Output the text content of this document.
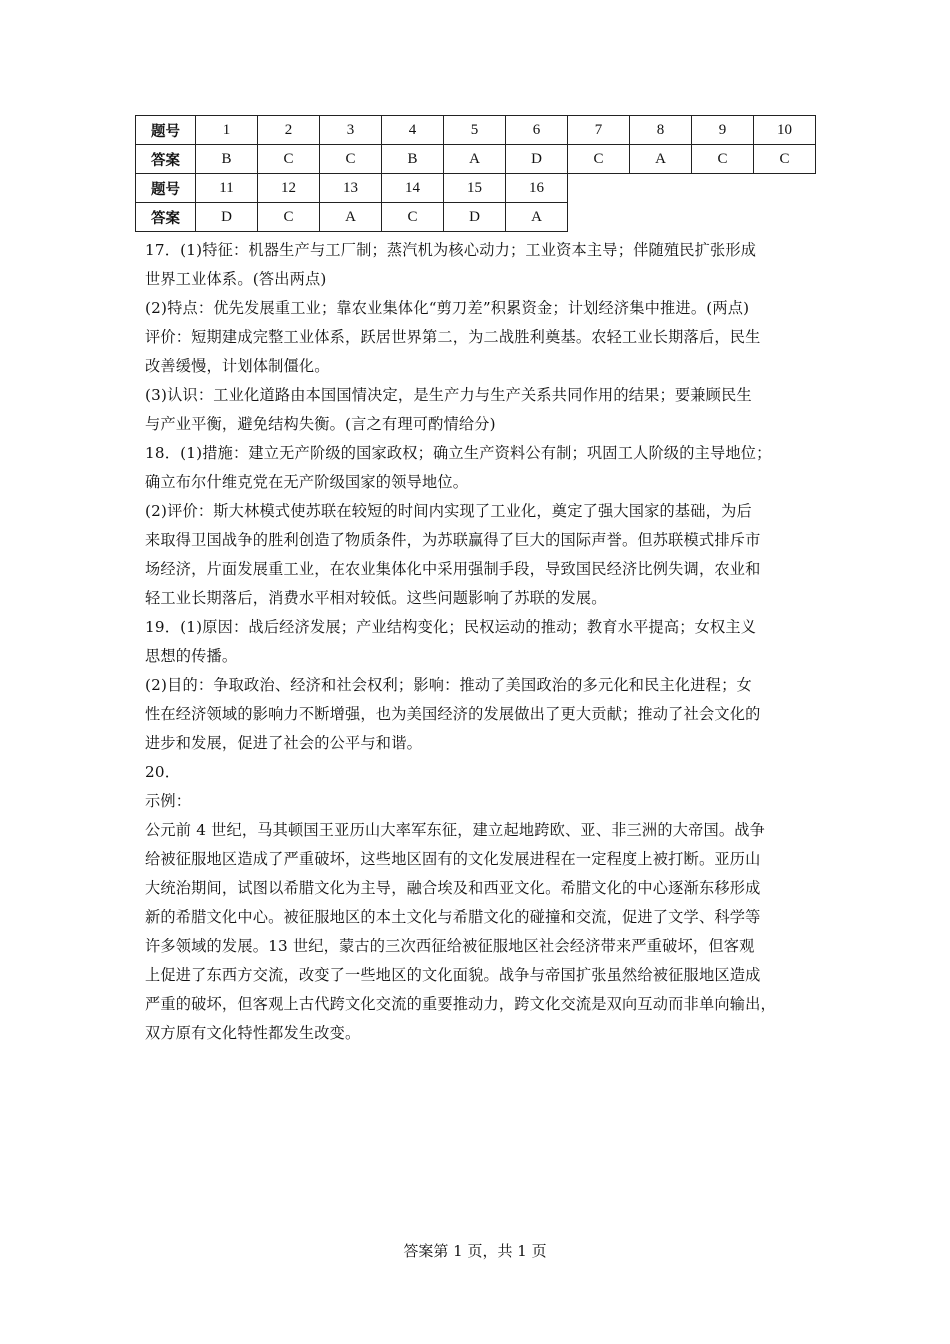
题号	1	2	3	4	5	6	7	8	9	10
答案	B	C	C	B	A	D	C	A	C	C
题号	11	12	13	14	15	16				
答案	D	C	A	C	D	A				

17．(1)特征：机器生产与工厂制；蒸汽机为核心动力；工业资本主导；伴随殖民扩张形成

世界工业体系。(答出两点)

(2)特点：优先发展重工业；靠农业集体化“剪刀差”积累资金；计划经济集中推进。(两点)

评价：短期建成完整工业体系，跃居世界第二，为二战胜利奠基。农轻工业长期落后，民生

改善缓慢，计划体制僵化。

(3)认识：工业化道路由本国国情决定，是生产力与生产关系共同作用的结果；要兼顾民生

与产业平衡，避免结构失衡。(言之有理可酌情给分)

18．(1)措施：建立无产阶级的国家政权；确立生产资料公有制；巩固工人阶级的主导地位；

确立布尔什维克党在无产阶级国家的领导地位。

(2)评价：斯大林模式使苏联在较短的时间内实现了工业化，奠定了强大国家的基础，为后

来取得卫国战争的胜利创造了物质条件，为苏联赢得了巨大的国际声誉。但苏联模式排斥市

场经济，片面发展重工业，在农业集体化中采用强制手段，导致国民经济比例失调，农业和

轻工业长期落后，消费水平相对较低。这些问题影响了苏联的发展。

19．(1)原因：战后经济发展；产业结构变化；民权运动的推动；教育水平提高；女权主义

思想的传播。

(2)目的：争取政治、经济和社会权利；影响：推动了美国政治的多元化和民主化进程；女

性在经济领域的影响力不断增强，也为美国经济的发展做出了更大贡献；推动了社会文化的

进步和发展，促进了社会的公平与和谐。

20．

示例：

公元前 4 世纪，马其顿国王亚历山大率军东征，建立起地跨欧、亚、非三洲的大帝国。战争

给被征服地区造成了严重破坏，这些地区固有的文化发展进程在一定程度上被打断。亚历山

大统治期间，试图以希腊文化为主导，融合埃及和西亚文化。希腊文化的中心逐渐东移形成

新的希腊文化中心。被征服地区的本土文化与希腊文化的碰撞和交流，促进了文学、科学等

许多领域的发展。13 世纪，蒙古的三次西征给被征服地区社会经济带来严重破坏，但客观

上促进了东西方交流，改变了一些地区的文化面貌。战争与帝国扩张虽然给被征服地区造成

严重的破坏，但客观上古代跨文化交流的重要推动力，跨文化交流是双向互动而非单向输出，

双方原有文化特性都发生改变。

答案第 1 页，共 1 页
